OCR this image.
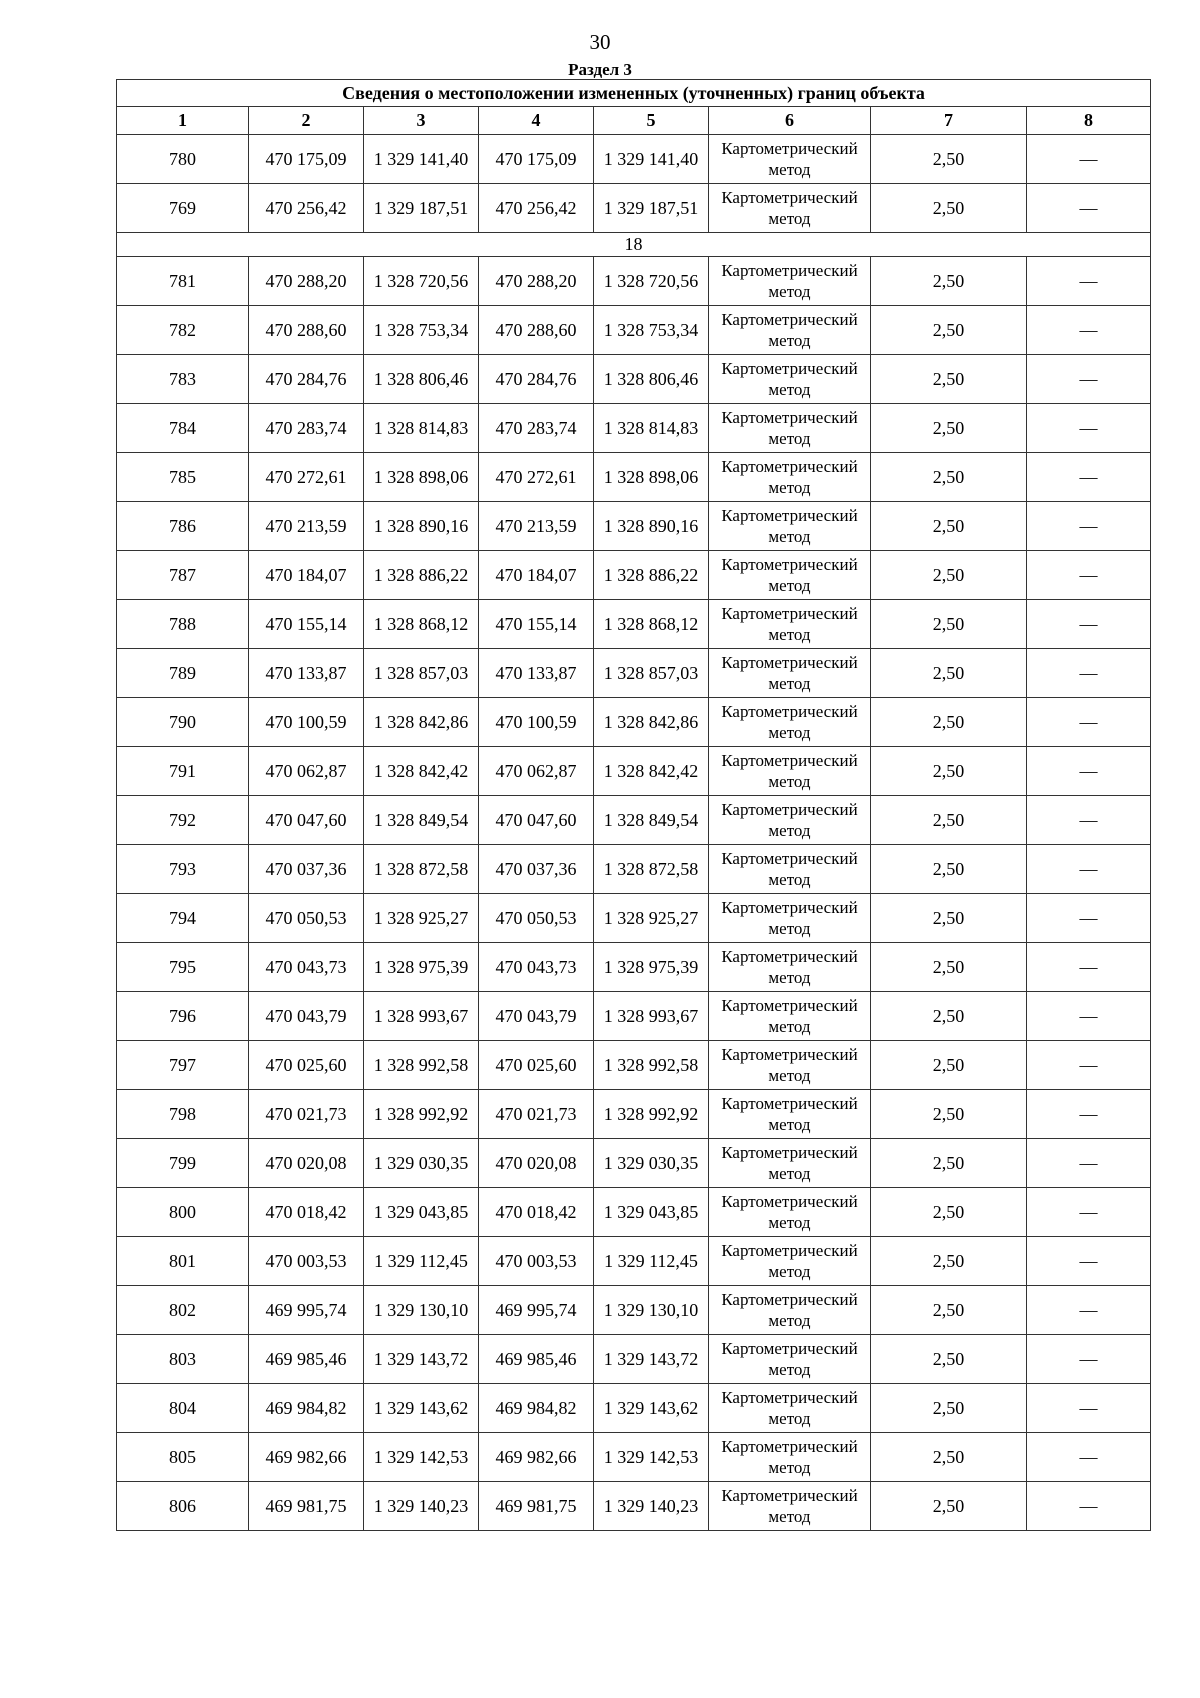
30
Раздел 3
Сведения о местоположении измененных (уточненных) границ объекта							
1	2	3	4	5	6	7	8
780	470 175,09	1 329 141,40	470 175,09	1 329 141,40	Картометрический метод	2,50	—
769	470 256,42	1 329 187,51	470 256,42	1 329 187,51	Картометрический метод	2,50	—
18							
781	470 288,20	1 328 720,56	470 288,20	1 328 720,56	Картометрический метод	2,50	—
782	470 288,60	1 328 753,34	470 288,60	1 328 753,34	Картометрический метод	2,50	—
783	470 284,76	1 328 806,46	470 284,76	1 328 806,46	Картометрический метод	2,50	—
784	470 283,74	1 328 814,83	470 283,74	1 328 814,83	Картометрический метод	2,50	—
785	470 272,61	1 328 898,06	470 272,61	1 328 898,06	Картометрический метод	2,50	—
786	470 213,59	1 328 890,16	470 213,59	1 328 890,16	Картометрический метод	2,50	—
787	470 184,07	1 328 886,22	470 184,07	1 328 886,22	Картометрический метод	2,50	—
788	470 155,14	1 328 868,12	470 155,14	1 328 868,12	Картометрический метод	2,50	—
789	470 133,87	1 328 857,03	470 133,87	1 328 857,03	Картометрический метод	2,50	—
790	470 100,59	1 328 842,86	470 100,59	1 328 842,86	Картометрический метод	2,50	—
791	470 062,87	1 328 842,42	470 062,87	1 328 842,42	Картометрический метод	2,50	—
792	470 047,60	1 328 849,54	470 047,60	1 328 849,54	Картометрический метод	2,50	—
793	470 037,36	1 328 872,58	470 037,36	1 328 872,58	Картометрический метод	2,50	—
794	470 050,53	1 328 925,27	470 050,53	1 328 925,27	Картометрический метод	2,50	—
795	470 043,73	1 328 975,39	470 043,73	1 328 975,39	Картометрический метод	2,50	—
796	470 043,79	1 328 993,67	470 043,79	1 328 993,67	Картометрический метод	2,50	—
797	470 025,60	1 328 992,58	470 025,60	1 328 992,58	Картометрический метод	2,50	—
798	470 021,73	1 328 992,92	470 021,73	1 328 992,92	Картометрический метод	2,50	—
799	470 020,08	1 329 030,35	470 020,08	1 329 030,35	Картометрический метод	2,50	—
800	470 018,42	1 329 043,85	470 018,42	1 329 043,85	Картометрический метод	2,50	—
801	470 003,53	1 329 112,45	470 003,53	1 329 112,45	Картометрический метод	2,50	—
802	469 995,74	1 329 130,10	469 995,74	1 329 130,10	Картометрический метод	2,50	—
803	469 985,46	1 329 143,72	469 985,46	1 329 143,72	Картометрический метод	2,50	—
804	469 984,82	1 329 143,62	469 984,82	1 329 143,62	Картометрический метод	2,50	—
805	469 982,66	1 329 142,53	469 982,66	1 329 142,53	Картометрический метод	2,50	—
806	469 981,75	1 329 140,23	469 981,75	1 329 140,23	Картометрический метод	2,50	—
